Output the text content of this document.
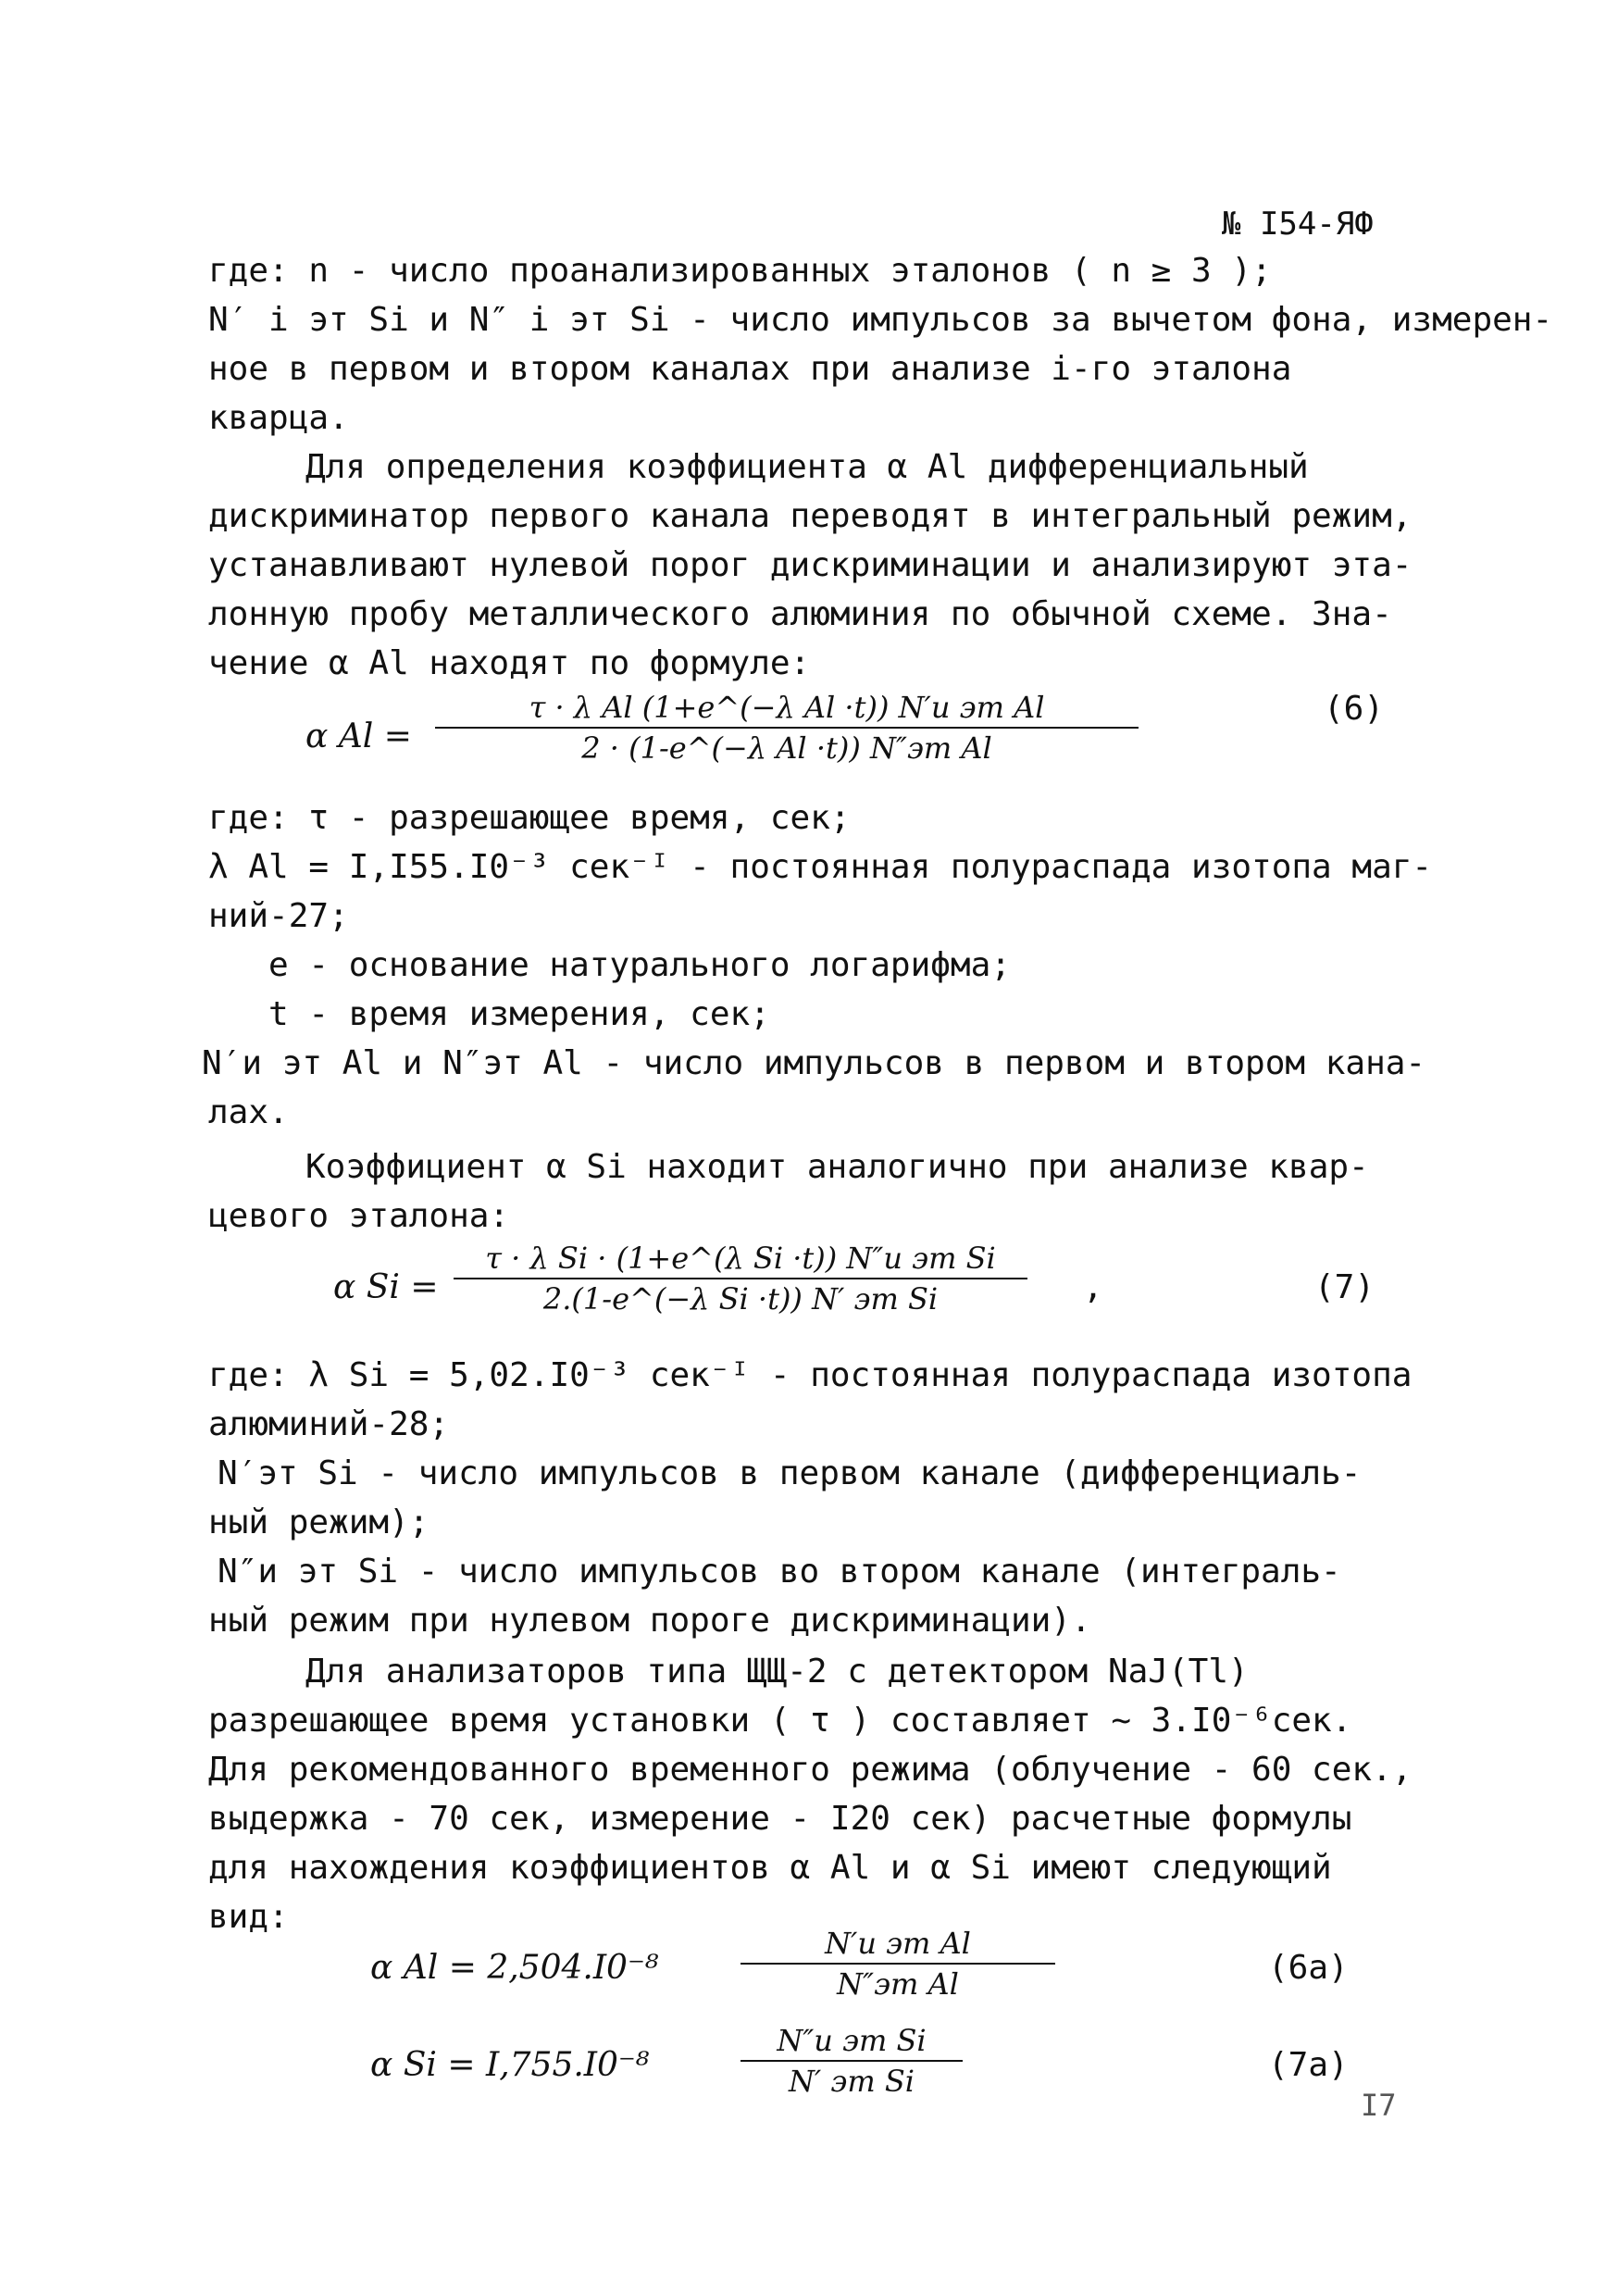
№ I54-ЯФ
где: n - число проанализированных эталонов ( n ≥ 3 );
N′ i эт Si и N″ i эт Si - число импульсов за вычетом фона, измерен-
ное в первом и втором каналах при анализе i-го эталона
кварца.
Для определения коэффициента α Al дифференциальный
дискриминатор первого канала переводят в интегральный режим,
устанавливают нулевой порог дискриминации и анализируют эта-
лонную пробу металлического алюминия по обычной схеме. Зна-
чение α Al находят по формуле:
α Al =
τ · λ Al (1+e^(−λ Al ·t)) N′и эт Al
2 · (1-e^(−λ Al ·t)) N″эт Al
(6)
где: τ - разрешающее время, сек;
λ Al = I,I55.I0⁻³ сек⁻ᴵ - постоянная полураспада изотопа маг-
ний-27;
e - основание натурального логарифма;
t - время измерения, сек;
N′и эт Al и N″эт Al - число импульсов в первом и втором кана-
лах.
Коэффициент α Si находит аналогично при анализе квар-
цевого эталона:
α Si =
τ · λ Si · (1+e^(λ Si ·t)) N″и эт Si
2.(1-e^(−λ Si ·t)) N′ эт Si	,	(7)
где: λ Si = 5,02.I0⁻³ сек⁻ᴵ - постоянная полураспада изотопа
алюминий-28;
N′эт Si - число импульсов в первом канале (дифференциаль-
ный режим);
N″и эт Si - число импульсов во втором канале (интеграль-
ный режим при нулевом пороге дискриминации).
Для анализаторов типа ЩЩ-2 с детектором NaJ(Tl)
разрешающее время установки ( τ ) составляет ~ 3.I0⁻⁶сек.
Для рекомендованного временного режима (облучение - 60 сек.,
выдержка - 70 сек, измерение - I20 сек) расчетные формулы
для нахождения коэффициентов α Al и α Si имеют следующий
вид:
α Al = 2,504.I0⁻⁸
N′и эт Al
N″эт Al	(6a)
α Si = I,755.I0⁻⁸
N″и эт Si
N′ эт Si	(7a)
I7
